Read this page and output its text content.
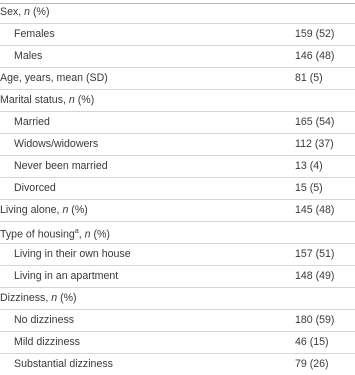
Sex, n (%)
Females	159 (52)
Males	146 (48)
Age, years, mean (SD)	81 (5)
Marital status, n (%)
Married	165 (54)
Widows/widowers	112 (37)
Never been married	13 (4)
Divorced	15 (5)
Living alone, n (%)	145 (48)
Type of housing$^a$, n (%)
Living in their own house	157 (51)
Living in an apartment	148 (49)
Dizziness, n (%)
No dizziness	180 (59)
Mild dizziness	46 (15)
Substantial dizziness	79 (26)
